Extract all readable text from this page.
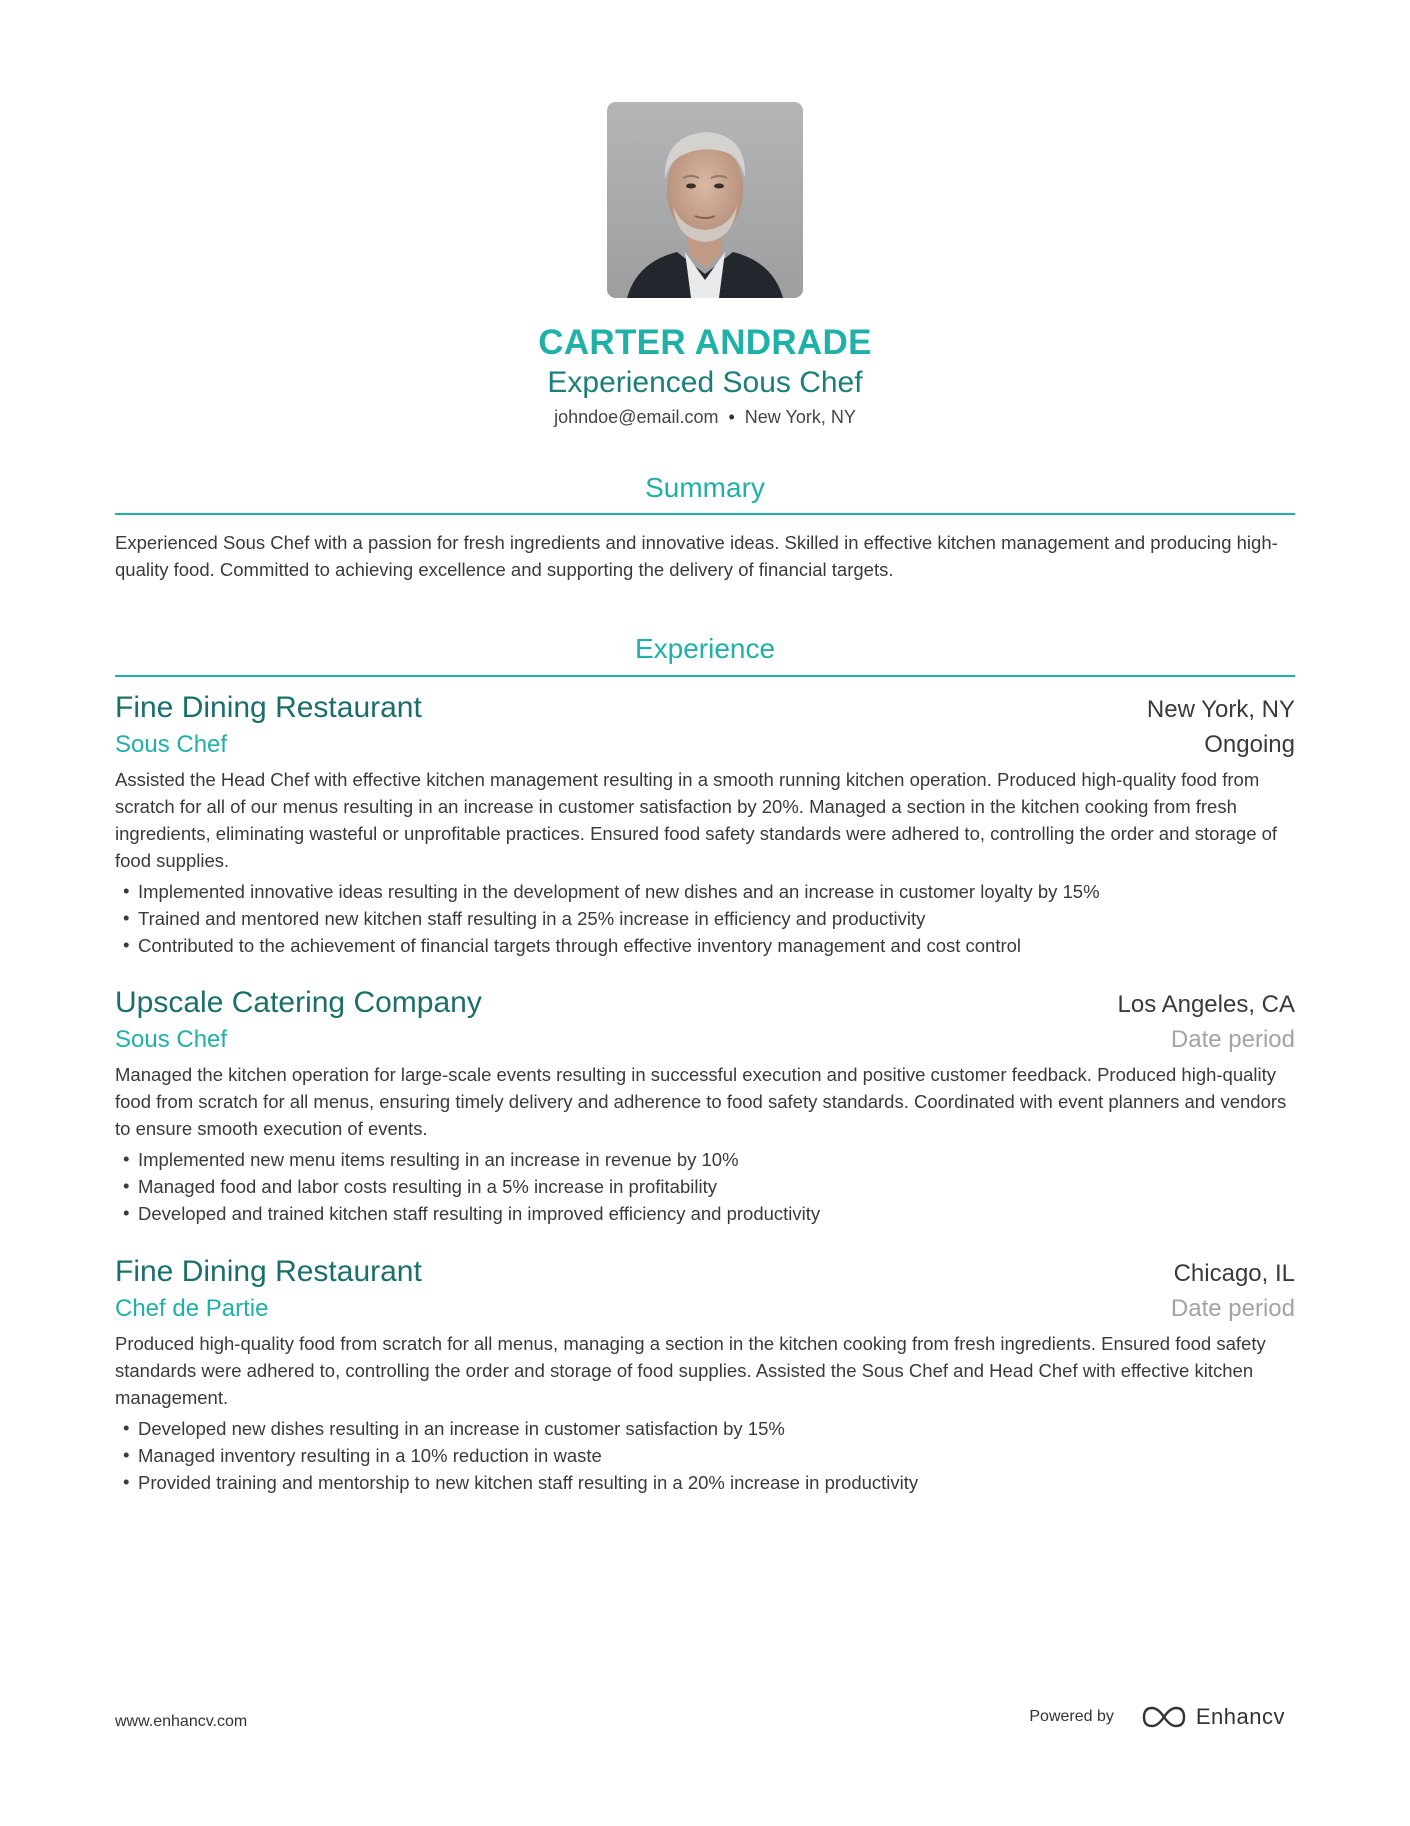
CARTER ANDRADE
Experienced Sous Chef
johndoe@email.com • New York, NY
Summary
Experienced Sous Chef with a passion for fresh ingredients and innovative ideas. Skilled in effective kitchen management and producing high-quality food. Committed to achieving excellence and supporting the delivery of financial targets.
Experience
Fine Dining Restaurant	New York, NY
Sous Chef	Ongoing
Assisted the Head Chef with effective kitchen management resulting in a smooth running kitchen operation. Produced high-quality food from scratch for all of our menus resulting in an increase in customer satisfaction by 20%. Managed a section in the kitchen cooking from fresh ingredients, eliminating wasteful or unprofitable practices. Ensured food safety standards were adhered to, controlling the order and storage of food supplies.
• Implemented innovative ideas resulting in the development of new dishes and an increase in customer loyalty by 15%
• Trained and mentored new kitchen staff resulting in a 25% increase in efficiency and productivity
• Contributed to the achievement of financial targets through effective inventory management and cost control
Upscale Catering Company	Los Angeles, CA
Sous Chef	Date period
Managed the kitchen operation for large-scale events resulting in successful execution and positive customer feedback. Produced high-quality food from scratch for all menus, ensuring timely delivery and adherence to food safety standards. Coordinated with event planners and vendors to ensure smooth execution of events.
• Implemented new menu items resulting in an increase in revenue by 10%
• Managed food and labor costs resulting in a 5% increase in profitability
• Developed and trained kitchen staff resulting in improved efficiency and productivity
Fine Dining Restaurant	Chicago, IL
Chef de Partie	Date period
Produced high-quality food from scratch for all menus, managing a section in the kitchen cooking from fresh ingredients. Ensured food safety standards were adhered to, controlling the order and storage of food supplies. Assisted the Sous Chef and Head Chef with effective kitchen management.
• Developed new dishes resulting in an increase in customer satisfaction by 15%
• Managed inventory resulting in a 10% reduction in waste
• Provided training and mentorship to new kitchen staff resulting in a 20% increase in productivity
www.enhancv.com	Powered by	Enhancv
